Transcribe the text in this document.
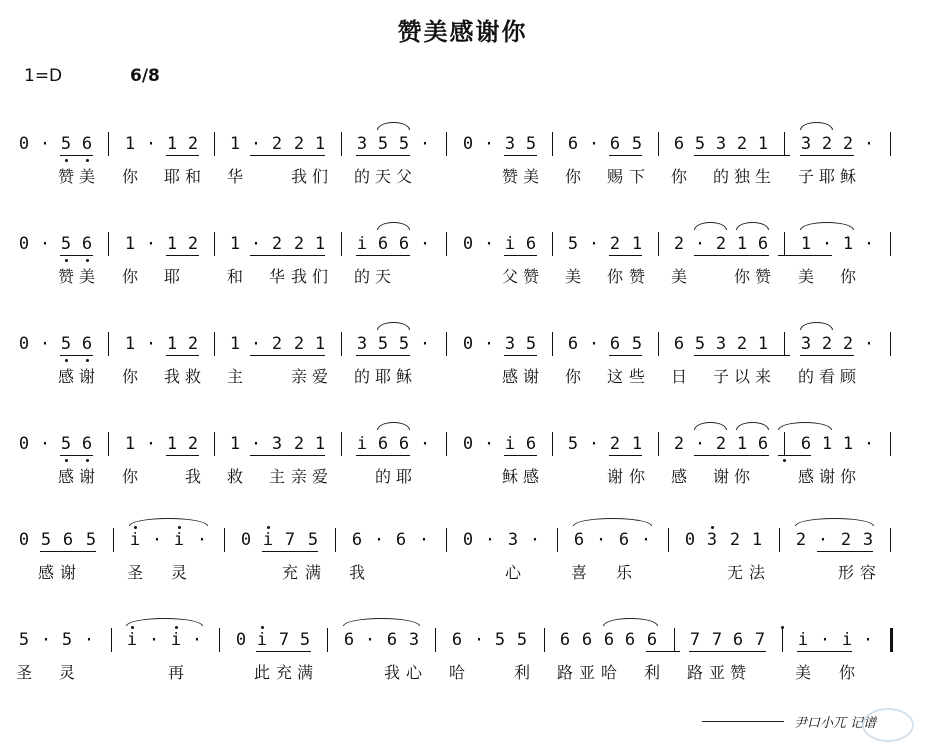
赞美感谢你
1=D	6/8
0 · 5 6 1 · 1 2 1 · 2 2 1 3 5 5 · 0 · 3 5 6 · 6 5 6 5 3 2 1 3 2 2 ·
赞 美 你 耶 和 华	我 们 的 天 父	赞 美 你 赐 下 你 的 独 生 子 耶 稣
0 · 5 6 1 · 1 2 1 · 2 2 1 i 6 6 · 0 · i 6 5 · 2 1 2 · 2 1 6 1 · 1 ·
赞 美 你 耶	和 华 我 们 的 天	父 赞 美 你 赞 美	你 赞 美 你
0 · 5 6 1 · 1 2 1 · 2 2 1 3 5 5 · 0 · 3 5 6 · 6 5 6 5 3 2 1 3 2 2 ·
感 谢 你 我 救 主	亲 爱 的 耶 稣	感 谢 你 这 些 日 子 以 来 的 看 顾
0 · 5 6 1 · 1 2 1 · 3 2 1 i 6 6 · 0 · i 6 5 · 2 1 2 · 2 1 6 6 1 1 ·
感 谢 你	我 救 主 亲 爱	的 耶	稣 感	谢 你 感 谢 你	感 谢 你
0 5 6 5 i · i · 0 i 7 5 6 · 6 · 0 · 3 · 6 · 6 · 0 3 2 1 2 · 2 3
感 谢	圣 灵	充 满 我	心	喜 乐	无 法	形 容
5 · 5 · i · i · 0 i 7 5 6 · 6 3 6 · 5 5 6 6 6 6 6 7 7 6 7 i · i ·
圣 灵	再	此 充 满	我 心 哈	利 路 亚 哈 利 路 亚 赞	美 你
尹口小兀 记谱
